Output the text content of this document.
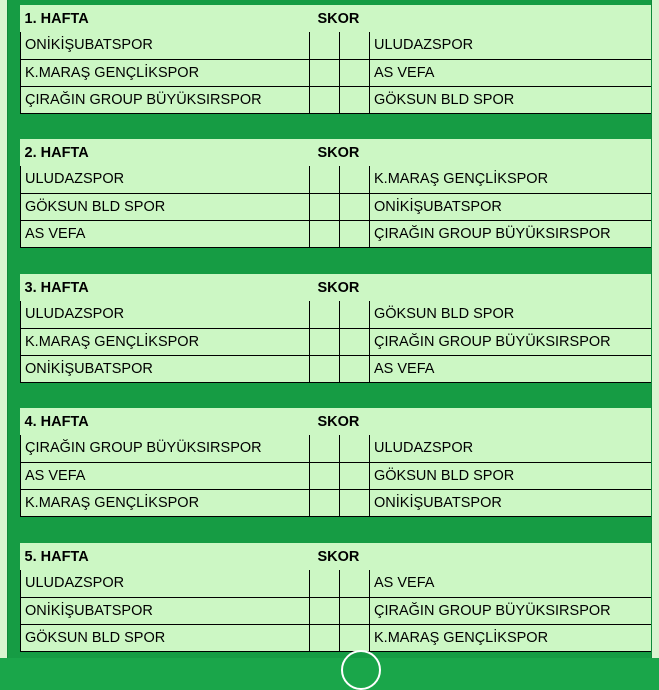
1. HAFTA	SKOR		
ONİKİŞUBATSPOR			ULUDAZSPOR
K.MARAŞ GENÇLİKSPOR			AS VEFA
ÇIRAĞIN GROUP BÜYÜKSIRSPOR			GÖKSUN BLD SPOR
2. HAFTA	SKOR		
ULUDAZSPOR			K.MARAŞ GENÇLİKSPOR
GÖKSUN BLD SPOR			ONİKİŞUBATSPOR
AS VEFA			ÇIRAĞIN GROUP BÜYÜKSIRSPOR
3. HAFTA	SKOR		
ULUDAZSPOR			GÖKSUN BLD SPOR
K.MARAŞ GENÇLİKSPOR			ÇIRAĞIN GROUP BÜYÜKSIRSPOR
ONİKİŞUBATSPOR			AS VEFA
4. HAFTA	SKOR		
ÇIRAĞIN GROUP BÜYÜKSIRSPOR			ULUDAZSPOR
AS VEFA			GÖKSUN BLD SPOR
K.MARAŞ GENÇLİKSPOR			ONİKİŞUBATSPOR
5. HAFTA	SKOR		
ULUDAZSPOR			AS VEFA
ONİKİŞUBATSPOR			ÇIRAĞIN GROUP BÜYÜKSIRSPOR
GÖKSUN BLD SPOR			K.MARAŞ GENÇLİKSPOR
